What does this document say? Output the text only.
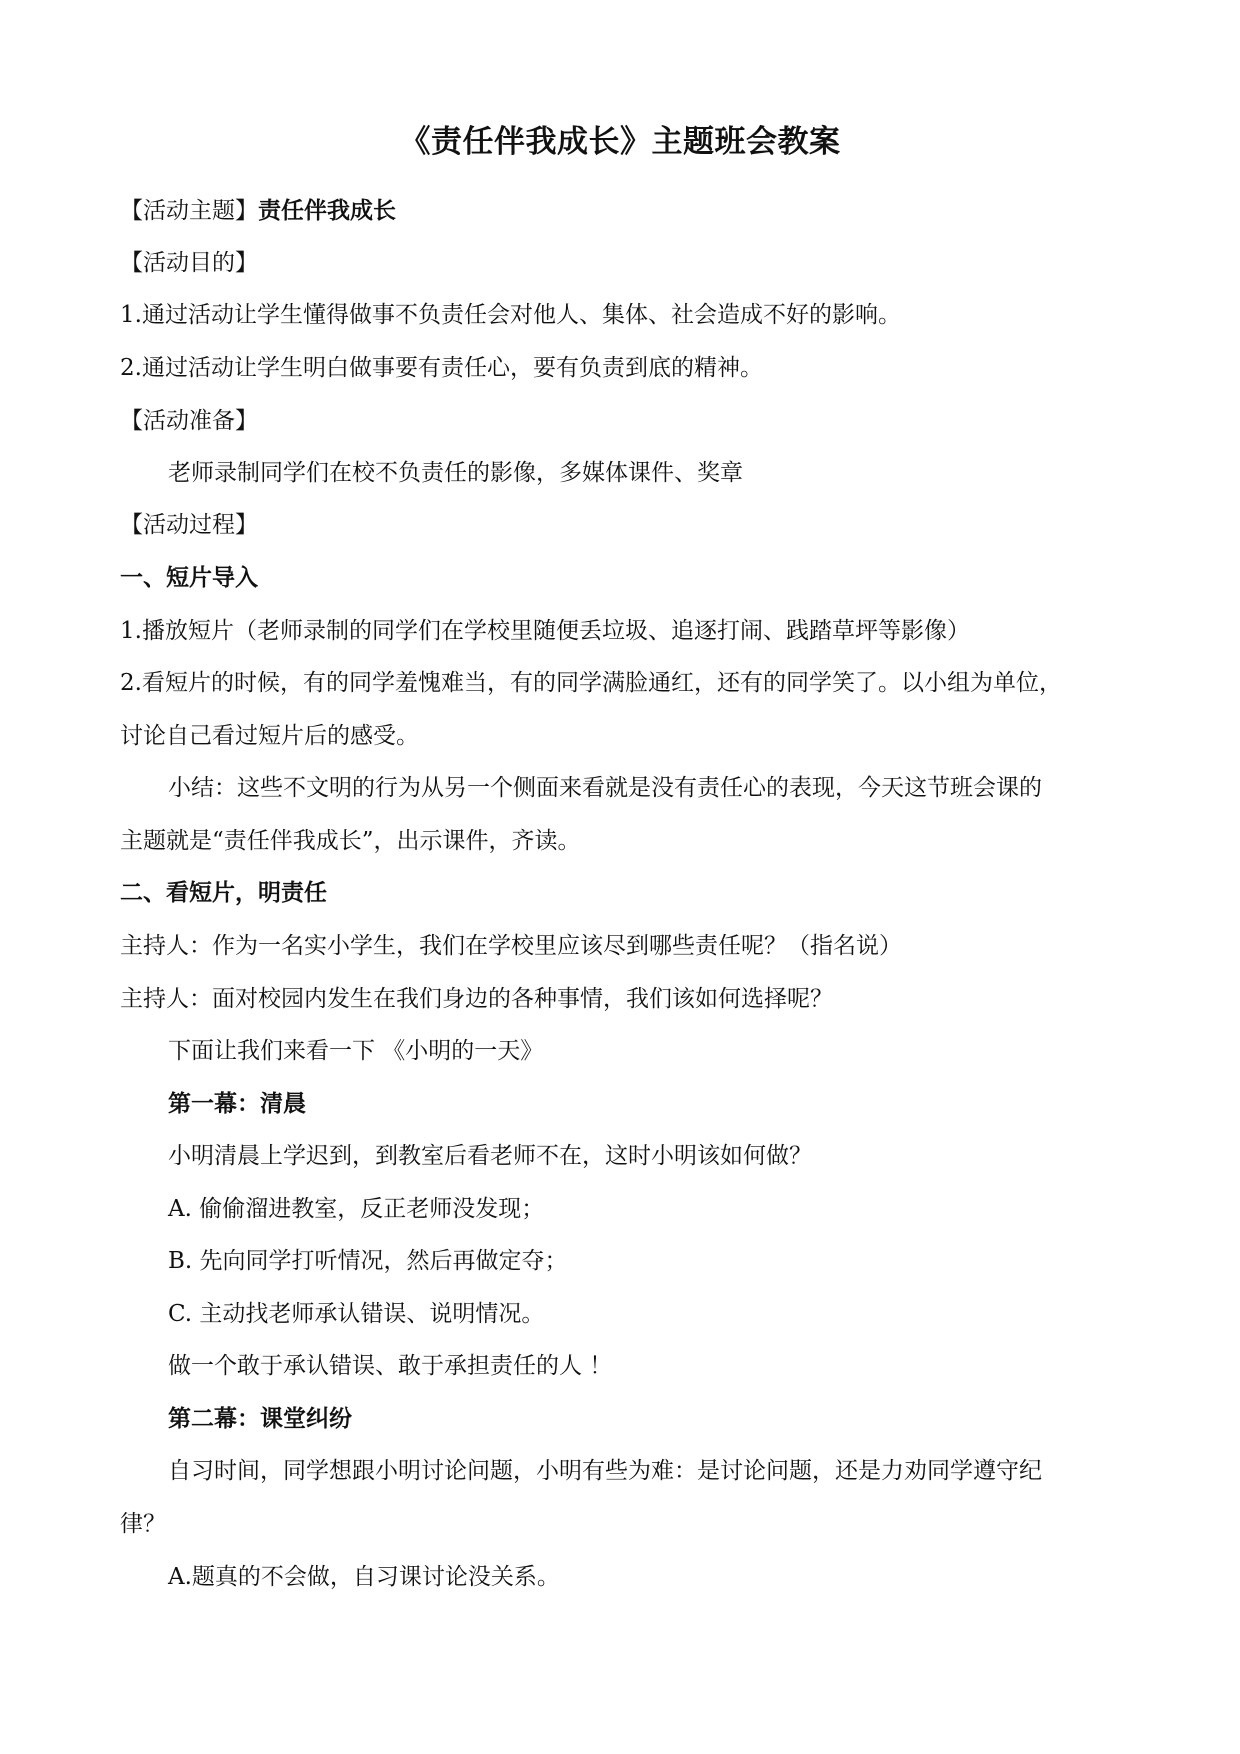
《责任伴我成长》主题班会教案
【活动主题】责任伴我成长
【活动目的】
1.通过活动让学生懂得做事不负责任会对他人、集体、社会造成不好的影响。
2.通过活动让学生明白做事要有责任心，要有负责到底的精神。
【活动准备】
老师录制同学们在校不负责任的影像，多媒体课件、奖章
【活动过程】
一、短片导入
1.播放短片（老师录制的同学们在学校里随便丢垃圾、追逐打闹、践踏草坪等影像）
2.看短片的时候，有的同学羞愧难当，有的同学满脸通红，还有的同学笑了。以小组为单位，
讨论自己看过短片后的感受。
小结：这些不文明的行为从另一个侧面来看就是没有责任心的表现，今天这节班会课的
主题就是“责任伴我成长”，出示课件，齐读。
二、看短片，明责任
主持人：作为一名实小学生，我们在学校里应该尽到哪些责任呢？（指名说）
主持人：面对校园内发生在我们身边的各种事情，我们该如何选择呢？
下面让我们来看一下 《小明的一天》
第一幕：清晨
小明清晨上学迟到，到教室后看老师不在，这时小明该如何做？
A. 偷偷溜进教室，反正老师没发现；
B. 先向同学打听情况，然后再做定夺；
C. 主动找老师承认错误、说明情况。
做一个敢于承认错误、敢于承担责任的人 ！
第二幕：课堂纠纷
自习时间，同学想跟小明讨论问题，小明有些为难：是讨论问题，还是力劝同学遵守纪
律？
A.题真的不会做，自习课讨论没关系。
